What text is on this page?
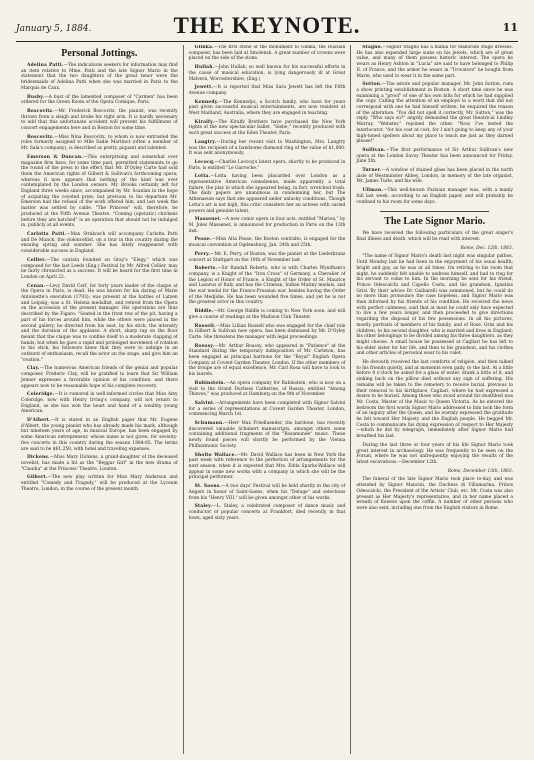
January 5, 1884.	THE KEYNOTE.	11
Personal Jottings.

Adelina Patti.—The indications seekers for information may find an item relative to Mme. Patti and the late Signor Mario in the statement that the two daughters of the great tenor were the bridesmaids of Adelina Patti when she was married in Paris to the Marquis de Caux.

Busby.—A bust of the lamented composer of "Carmen" has been ordered for the Green Room of the Opera Comique, Paris.

Boscovitz.—Mr. Frederick Boscovitz, the pianist, was recently thrown from a sleigh and broke his right arm. It is hardly necessary to add that this unfortunate accident will prevent his fulfillment of concert engagements here and in Boston for some time.

Boscovitz.—Miss Nina Boscovitz, to whom is now entrusted the roles formerly assigned to Mlle Sadie Martinot (often a member of Mr. Sala's company), is described as pretty, piquant and talented.

Emerson & Duncan.—This enterprising and somewhat over magazine firm have, for some time past, permitted statements to go the round of the press to the effect that Mr. D'Oyley Carte had sold them the American rights of Gilbert & Sullivan's forthcoming opera; whereas it now appears that nothing of the kind was ever contemplated by the London owners. Mr. Brooks certainly left for England three weeks since, accompanied by Mr. Scanlan in the hope of acquiring the coveted prize, but previous to his departure Mr. Emerson had the refusal of the work offered him, and last week the matter was settled by cable. "The Princess" will, therefore, be produced at the Fifth Avenue Theatre. "Coming (operatic) chickens before they are hatched" is an operation that should not be indulged in, publicly at all events.

Carlotta Patti.—Max Strakosch will accompany Carlotta Patti and De Munck, the violoncellist, on a tour in this country during the ensuing spring and summer. She has lately reappeared with considerable success in England.

Cellier.—The cantata founded on Gray's "Elegy," which was composed for the last Leeds (Eng.) Festival by Mr. Alfred Cellier, may be fairly chronicled as a success. It will be heard for the first time in London on April 22.

Cenan.—Levy David Cerf, for forty years leader of the claque at the Opera in Paris, is dead. He was known for his daring of Marie Antoinette's execution (1793); was present at the battles of Lutzen and Leipsig; was a St. Helena medallist, and retired from the Opera on the accession of the present manager. His operations are thus described by the Figaro: "Seated in the front row of the pit, having a part of his forces around him, while the others were placed in the second gallery, he directed from his seat, by his stick, the intensity and the duration of the applause. A short, sharp rap on the floor meant that the claque was to confine itself to a moderate clapping of hands; but when he gave a rapid and prolonged movement of rotation to his stick, his followers knew that they were to indulge in an outburst of enthusiasm, recall the actor on the stage, and give him an "ovation."

Clay.—The numerous American friends of the genial and popular composer, Frederic Clay, will be gratified to learn that Sir William Jenner expresses a favorable opinion of his condition, and there appears now to be reasonable hope of his complete recovery.

Coleridge.—It is rumored in well-informed circles that Miss Amy Coleridge, now with Henry Irving's company, will not return to England, as she has won the heart and hand of a wealthy young American.

D'Albert.—It is stated in an English paper that Mr. Eugene d'Albert, the young pianist who has already made his mark, although but nineteen years of age, in musical Europe, has been engaged by some American entrepreneur, whose name is not given, for seventy-five concerts in this country during the season 1884-85. The terms are said to be $61,250, with hotel and traveling expenses.

Dickens.—Miss Mary Dickens, a grand-daughter of the deceased novelist, has made a hit as the "Beggar Girl" in the new drama of "Claudia" at the Princess' Theatre, London.

Gilbert.—The new play written for Miss Mary Anderson and entitled "Comedy and Tragedy," will be produced at the Lyceum Theatre, London, in the course of the present month.

Glinka.—The first stone of the monument to Glinka, the Russian composer, has been laid at Smolensk. A great number of crowns were placed on the side of the stone.

Hullah.—John Hullah, so well known for his successful efforts in the cause of musical education, is lying dangerously ill at Great Malvern, Worcestershire, (Eng.)

Jewett.—It is reported that Miss Sara Jewett has left the Fifth Avenue company.

Kennedy.—The Kennedys, a Scotch family, who have for years past given successful musical entertainments, are now resident at West Maitland, Australia, where they are engaged in teaching.

Kiralfy.—The Kiralfy Brothers have purchased the New York rights of the new spectacular ballet, "Siebe," recently produced with such great success at the Eden Theater, Paris.

Langtry.—During her recent visit to Washington, Mrs. Langtry was the recipient of a handsome diamond ring of the value of $1,000. It was sent anonymously.

Lecocq.—Charles Lecocq's latest opera, shortly to be produced in Paris, is entitled "Le Garroche."

Lotta.—Lotta having been placarded over London as a representative American comedienne, made apparently a total failure, the play in which she appeared being, in fact, wretched trash. The daily papers are unanimous in condemning her, but The Athenaeum says that she appeared under unlucky conditions. Though Lotta's art is not high, this critic considers her an actress with varied powers and genuine talent.

Massenet.—A new comic opera in four acts, entitled "Marion," by M. Jules Massenet, is announced for production in Paris on the 13th inst.

Pease.—Miss Alta Pease, the Boston contralto, is engaged for the musical convention at Ogdensburg, Jan. 24th and 25th.

Perry.—Mr. E. Perry, of Boston, was the pianist at the Liederkranz concert at Stuttgart on the 10th of November last.

Roberts.—Sir Randall Roberts, who is with Charles Wyndham's company, is a Knight of the "Iron Cross" of Germany, a Chevalier of the Legion of Honor of France, a Knight of the Order of St. Maurice and Lazarus of Italy, and has the Crimean, Indian Mutiny medals, and the war medal for the Franco-Prussian war, besides having the Order of the Medjidie. He has been wounded five times, and yet he is not the greatest actor in this country.

Riddle.—Mr. George Riddle is coming to New York soon, and will give a course of readings at the Madison Club Theater.

Russell.—Miss Lillian Russell who was engaged for the chief role in Gilbert & Sullivan new opera, has been dismissed by Mr. D'Oyley Carte. She threatens the manager with legal proceedings.

Roussy.—Mr. Arthur Roussy, who appeared in "Patience" at the Standard during the temporary indisposition of Mr. Carleton, has been engaged as principal baritone for the "Royal" English Opera Company at Covent Garden Theater, London. If the other members of the troupe are of equal excellence, Mr. Carl Rosa will have to look to his laurels.

Rubinstein.—An opera company for Rubinstein, who is now on a visit to the Grand Duchess Catherine, of Russia, entitled "Among Thieves," was produced at Hamburg on the 9th of November.

Salvini.—Arrangements have been completed with Signor Salvini for a series of representations at Covent Garden Theater, London, commencing March 1st.

Schumann.—Herr Max Friedlaender, the baritone, has recently discovered valuable Schubert manuscripts, amongst others some containing additional fragments of the "Rosamunde" music. These newly found pieces will shortly be performed by the Vienna Philharmonic Society.

Sholto Wallace.—Mr. David Wallace has been in New York the past week with reference to the perfection of arrangements for the next season, when it is expected that Mrs. Edda Sparks-Wallace will appear in some new works with a company in which she will be the principal performer.

St. Saens.—A two days' Festival will be held shortly in the city of Angers in honor of Saint-Saens, when his "Deluge" and selections from his "Henry VIII." will be given amongst other of his works.

Staley.—L. Staley, a celebrated composer of dance music and conductor of popular concerts at Frankfort, died recently in that town, aged sixty years.

Stagno.—Signor Stagno has a mania for elaborate stage dresses. He has also expended large sums on his jewels, which are of great value, and many of them possess historic interest. The opera he wears as Henry Ashton in "Lucia" are said to have belonged to Philip II. of France, and the armor he wears in "Trovatore" he bought from Marie, who used to wear it in the same part.

Sutton.—The astute and popular manager, Mr. John Sutton, runs a show printing establishment in Boston. A short time since he was examining a "proof" of one of his own bills for which he had supplied the copy. Calling the attention of an employé to a word that did not correspond with one he had himself written, he enquired the reason of the alteration. "You did not spell it correctly, Mr. Sutton," was the reply. "Who says so?" angrily demanded the great theatrical Lindley Murray. "Webster," rejoined the other. "Now, I've tested the interlocutor, "for his cost at cost, for I ain't going to keep any of your high-toned spellers about my place to teach me just as they darned please!"

Sullivan.—The first performance of Sir Arthur Sullivan's new opera at the London Savoy Theater has been announced for Friday, June 5th.

Turner.—A window of stained glass has been placed in the north aisle of Westminster Abbey, London, in memory of the late organist, Mr. James Turle, and his wife.

Ullman.—This well-known Parisian manager was, with a manly full last week, according to an English paper, and will probably be confined to his room for some days.

The Late Signor Mario.

We have received the following particulars of the great singer's final illness and death, which will be read with interest:

Rome, Dec. 12th, 1883.

"The name of Signor Mario's death last night was singular pathos. Until Monday last he had been in the enjoyment of his usual health; bright and gay, as he was at all times. On retiring to his room that night, he suddenly felt unable to undress himself, and had to ring for his servant to come to him. In the morning he sent for his friend, Prince Odescalchi and Capello Costa, and his grandson, Ignatius Grisi. By their advice Dr. Galbarelli was summoned, but he could do no more than pronounce the case hopeless, and Signor Mario was then informed by his friends of his condition. He received the news with perfect calmness, said that at most he could only have expected to live a few years longer, and then proceeded to give directions regarding the disposal of his few possessions. In all his pictures, mostly portraits of members of his family, and of Rose, Grisi and his children, to his second daughter, who is married and lives in England; his other belongings to be divided among his three daughters, as they might choose. A small house he possessed at Cagliari he has left to his elder sister for her life, and then to his grandson, and his clothes and other articles of personal wear to his valet.

He devoutly received the last comforts of religion, and then talked to his friends quietly, and at moments even gaily, to the last. At a little before 8 o'clock he asked for a glass of water, drank a little of it, and sinking back on the pillow died without any sign of suffering. His remains will be taken to the cemetery to receive burial, previous to their removal to his birthplace, Cagliari, where he had expressed a desire to be buried. Among those who stood around his deathbed was Mr. Costa, Master of the Music to Queen Victoria. As he entered the bedroom the first words Signor Mario addressed to him took the form of an inquiry after the Queen, and he warmly expressed the gratitude he felt toward Her Majesty and the English people. He begged Mr. Costa to communicate his dying expression of respect to Her Majesty—which he did by telegraph, immediately after Signor Mario had breathed his last.

During the last three or four years of his life Signor Mario took great interest in archaeology. He was frequently to be seen on the Forum, where he was not unfrequently enjoying the results of the latest excavations.—December 12th.

Rome, December 13th, 1883.

The funeral of the late Signor Mario took place to-day, and was attended by Signor Mancini, the Duchess di Villamarina, Prince Odescalchi, the President of the Artists' Club, etc. Mr. Costa was also present as Her Majesty's representative, and in her name placed a wreath of flowers upon the coffin. A number of other persons who were also sent, including one from the English visitors in Rome.
